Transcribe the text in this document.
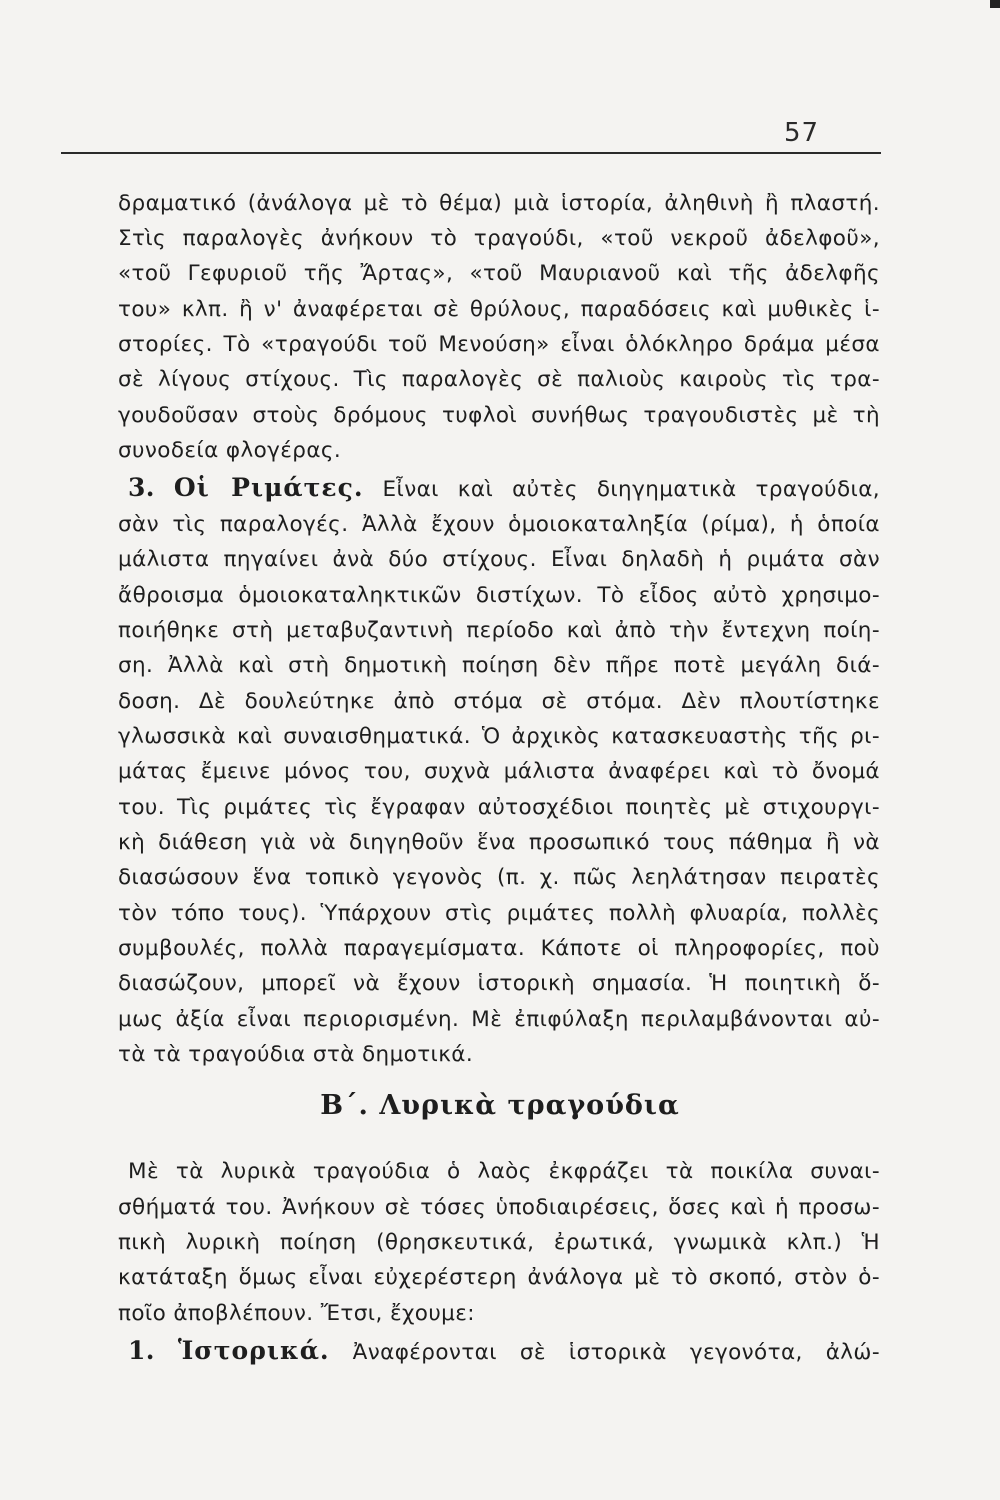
57
δραματικό (ἀνάλογα μὲ τὸ θέμα) μιὰ ἱστορία, ἀληθινὴ ἢ πλαστή.
Στὶς παραλογὲς ἀνήκουν τὸ τραγούδι, «τοῦ νεκροῦ ἀδελφοῦ»,
«τοῦ Γεφυριοῦ τῆς Ἄρτας», «τοῦ Μαυριανοῦ καὶ τῆς ἀδελφῆς
του» κλπ. ἢ ν' ἀναφέρεται σὲ θρύλους, παραδόσεις καὶ μυθικὲς ἱ-
στορίες. Τὸ «τραγούδι τοῦ Μενούση» εἶναι ὁλόκληρο δράμα μέσα
σὲ λίγους στίχους. Τὶς παραλογὲς σὲ παλιοὺς καιροὺς τὶς τρα-
γουδοῦσαν στοὺς δρόμους τυφλοὶ συνήθως τραγουδιστὲς μὲ τὴ
συνοδεία φλογέρας.
3. Οἱ Ριμάτες. Εἶναι καὶ αὐτὲς διηγηματικὰ τραγούδια,
σὰν τὶς παραλογές. Ἀλλὰ ἔχουν ὁμοιοκαταληξία (ρίμα), ἡ ὁποία
μάλιστα πηγαίνει ἀνὰ δύο στίχους. Εἶναι δηλαδὴ ἡ ριμάτα σὰν
ἄθροισμα ὁμοιοκαταληκτικῶν διστίχων. Τὸ εἶδος αὐτὸ χρησιμο-
ποιήθηκε στὴ μεταβυζαντινὴ περίοδο καὶ ἀπὸ τὴν ἔντεχνη ποίη-
ση. Ἀλλὰ καὶ στὴ δημοτικὴ ποίηση δὲν πῆρε ποτὲ μεγάλη διά-
δοση. Δὲ δουλεύτηκε ἀπὸ στόμα σὲ στόμα. Δὲν πλουτίστηκε
γλωσσικὰ καὶ συναισθηματικά. Ὁ ἀρχικὸς κατασκευαστὴς τῆς ρι-
μάτας ἔμεινε μόνος του, συχνὰ μάλιστα ἀναφέρει καὶ τὸ ὄνομά
του. Τὶς ριμάτες τὶς ἔγραφαν αὐτοσχέδιοι ποιητὲς μὲ στιχουργι-
κὴ διάθεση γιὰ νὰ διηγηθοῦν ἕνα προσωπικό τους πάθημα ἢ νὰ
διασώσουν ἕνα τοπικὸ γεγονὸς (π. χ. πῶς λεηλάτησαν πειρατὲς
τὸν τόπο τους). Ὑπάρχουν στὶς ριμάτες πολλὴ φλυαρία, πολλὲς
συμβουλές, πολλὰ παραγεμίσματα. Κάποτε οἱ πληροφορίες, ποὺ
διασώζουν, μπορεῖ νὰ ἔχουν ἱστορικὴ σημασία. Ἡ ποιητικὴ ὅ-
μως ἀξία εἶναι περιορισμένη. Μὲ ἐπιφύλαξη περιλαμβάνονται αὐ-
τὰ τὰ τραγούδια στὰ δημοτικά.
Β΄. Λυρικὰ τραγούδια
Μὲ τὰ λυρικὰ τραγούδια ὁ λαὸς ἐκφράζει τὰ ποικίλα συναι-
σθήματά του. Ἀνήκουν σὲ τόσες ὑποδιαιρέσεις, ὅσες καὶ ἡ προσω-
πικὴ λυρικὴ ποίηση (θρησκευτικά, ἐρωτικά, γνωμικὰ κλπ.) Ἡ
κατάταξη ὅμως εἶναι εὐχερέστερη ἀνάλογα μὲ τὸ σκοπό, στὸν ὁ-
ποῖο ἀποβλέπουν. Ἔτσι, ἔχουμε:
1. Ἱστορικά. Ἀναφέρονται σὲ ἱστορικὰ γεγονότα, ἀλώ-
